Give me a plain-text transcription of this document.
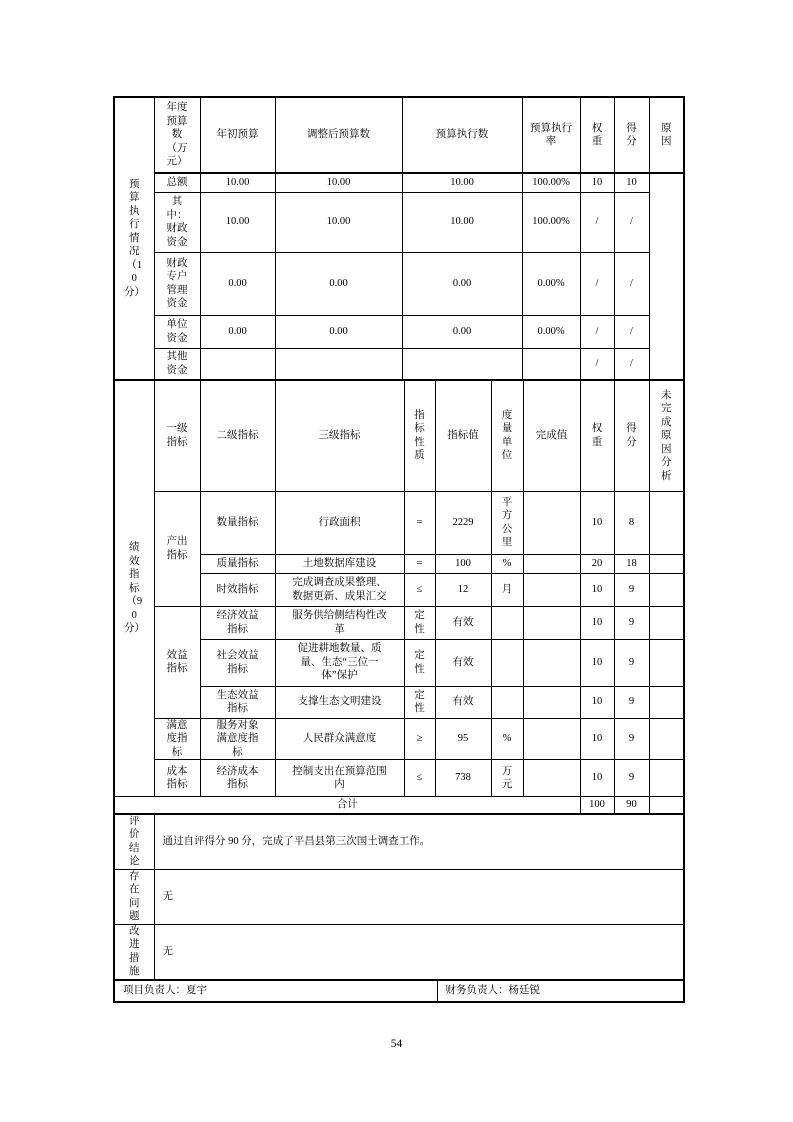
预算执行情况（10分）	年度预算数（万元）	年初预算	调整后预算数	预算执行数	预算执行率	权重	得分	原因
	总额	10.00	10.00	10.00	100.00%	10	10	
	其中：财政资金	10.00	10.00	10.00	100.00%	/	/	
	财政专户管理资金	0.00	0.00	0.00	0.00%	/	/	
	单位资金	0.00	0.00	0.00	0.00%	/	/	
	其他资金					/	/	
绩效指标（90分）	一级指标	二级指标	三级指标	指标性质	指标值	度量单位	完成值	权重	得分	未完成原因分析
	产出指标	数量指标	行政面积	=	2229	平方公里		10	8	
		质量指标	土地数据库建设	=	100	%		20	18	
		时效指标	完成调查成果整理、数据更新、成果汇交	≤	12	月		10	9	
	效益指标	经济效益指标	服务供给侧结构性改革	定性	有效			10	9	
		社会效益指标	促进耕地数量、质量、生态“三位一体”保护	定性	有效			10	9	
		生态效益指标	支撑生态文明建设	定性	有效			10	9	
	满意度指标	服务对象满意度指标	人民群众满意度	≥	95	%		10	9	
	成本指标	经济成本指标	控制支出在预算范围内	≤	738	万元		10	9	
合计								100	90	
评价结论	通过自评得分 90 分，完成了平昌县第三次国土调查工作。	
存在问题	无	
改进措施	无	
项目负责人：夏宇		财务负责人：杨廷锐
54
